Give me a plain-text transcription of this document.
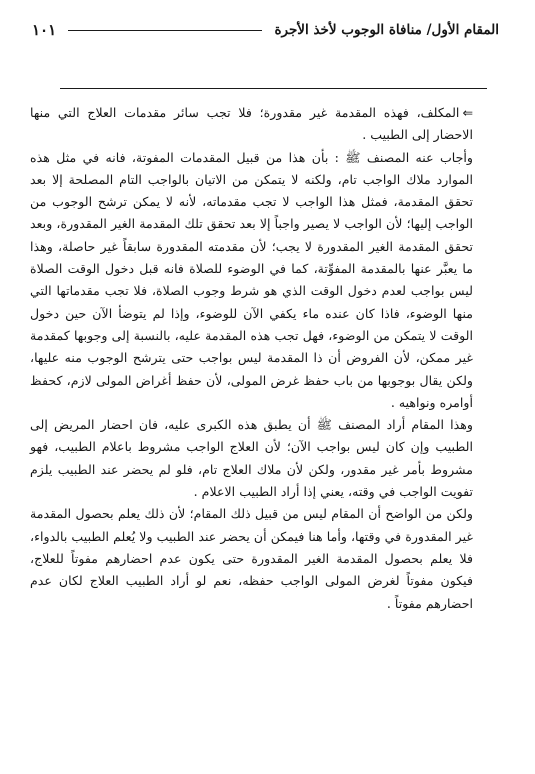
المقام الأول/ منافاة الوجوب لأخذ الأجرة
١٠١

⇐المكلف، فهذه المقدمة غير مقدورة؛ فلا تجب سائر مقدمات العلاج التي منها الاحضار إلى الطبيب .

وأجاب عنه المصنف ﷺ : بأن هذا من قبيل المقدمات المفوتة، فانه في مثل هذه الموارد ملاك الواجب تام، ولكنه لا يتمكن من الاتيان بالواجب التام المصلحة إلا بعد تحقق المقدمة، فمثل هذا الواجب لا تجب مقدماته، لأنه لا يمكن ترشح الوجوب من الواجب إليها؛ لأن الواجب لا يصير واجباً إلا بعد تحقق تلك المقدمة الغير المقدورة، وبعد تحقق المقدمة الغير المقدورة لا يجب؛ لأن مقدمته المقدورة سابقاً غير حاصلة، وهذا ما يعبَّر عنها بالمقدمة المفوِّتة، كما في الوضوء للصلاة فانه قبل دخول الوقت الصلاة ليس بواجب لعدم دخول الوقت الذي هو شرط وجوب الصلاة، فلا تجب مقدماتها التي منها الوضوء، فاذا كان عنده ماء يكفي الآن للوضوء، وإذا لم يتوضأ الآن حين دخول الوقت لا يتمكن من الوضوء، فهل تجب هذه المقدمة عليه، بالنسبة إلى وجوبها كمقدمة غير ممكن، لأن الفروض أن ذا المقدمة ليس بواجب حتى يترشح الوجوب منه عليها، ولكن يقال بوجوبها من باب حفظ غرض المولى، لأن حفظ أغراض المولى لازم، كحفظ أوامره ونواهيه .

وهذا المقام أراد المصنف ﷺ أن يطبق هذه الكبرى عليه، فان احضار المريض إلى الطبيب وإن كان ليس بواجب الآن؛ لأن العلاج الواجب مشروط باعلام الطبيب، فهو مشروط بأمر غير مقدور، ولكن لأن ملاك العلاج تام، فلو لم يحضر عند الطبيب يلزم تفويت الواجب في وقته، يعني إذا أراد الطبيب الاعلام .

ولكن من الواضح أن المقام ليس من قبيل ذلك المقام؛ لأن ذلك يعلم بحصول المقدمة غير المقدورة في وقتها، وأما هنا فيمكن أن يحضر عند الطبيب ولا يُعلم الطبيب بالدواء، فلا يعلم بحصول المقدمة الغير المقدورة حتى يكون عدم احضارهم مفوتاً للعلاج، فيكون مفوتاً لغرض المولى الواجب حفظه، نعم لو أراد الطبيب العلاج لكان عدم احضارهم مفوتاً .
